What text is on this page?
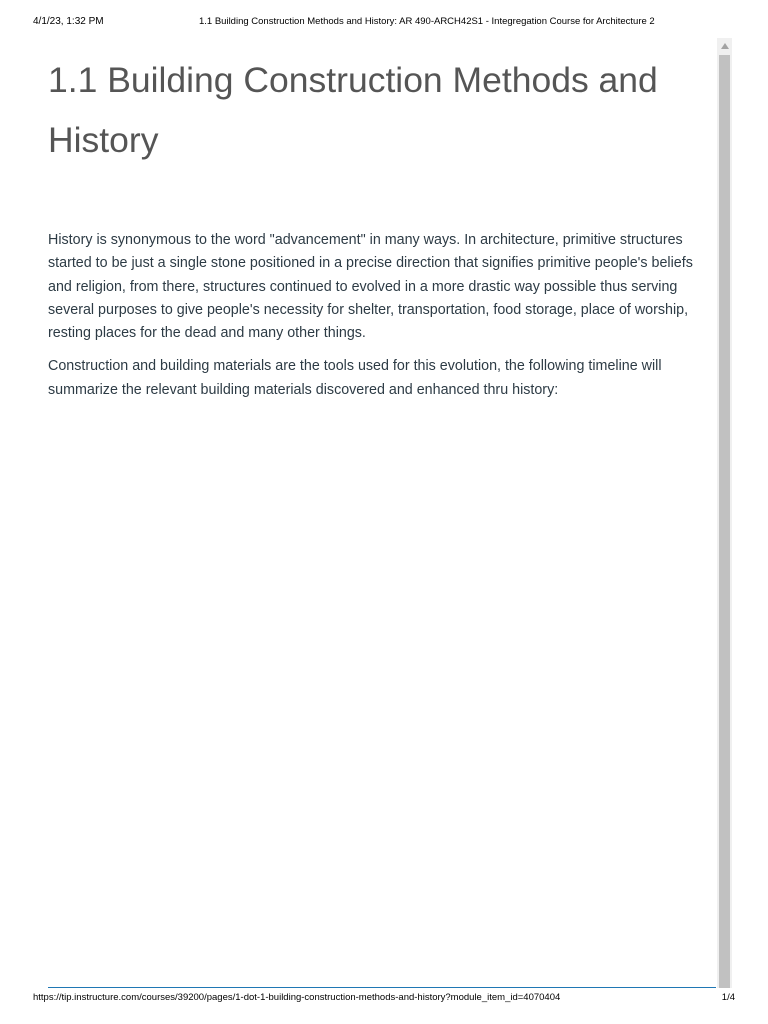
4/1/23, 1:32 PM	1.1 Building Construction Methods and History: AR 490-ARCH42S1 - Integregation Course for Architecture 2
1.1 Building Construction Methods and History

History is synonymous to the word "advancement" in many ways. In architecture, primitive structures started to be just a single stone positioned in a precise direction that signifies primitive people's beliefs and religion, from there, structures continued to evolved in a more drastic way possible thus serving several purposes to give people's necessity for shelter, transportation, food storage, place of worship, resting places for the dead and many other things.

Construction and building materials are the tools used for this evolution, the following timeline will summarize the relevant building materials discovered and enhanced thru history:

https://tip.instructure.com/courses/39200/pages/1-dot-1-building-construction-methods-and-history?module_item_id=4070404	1/4
